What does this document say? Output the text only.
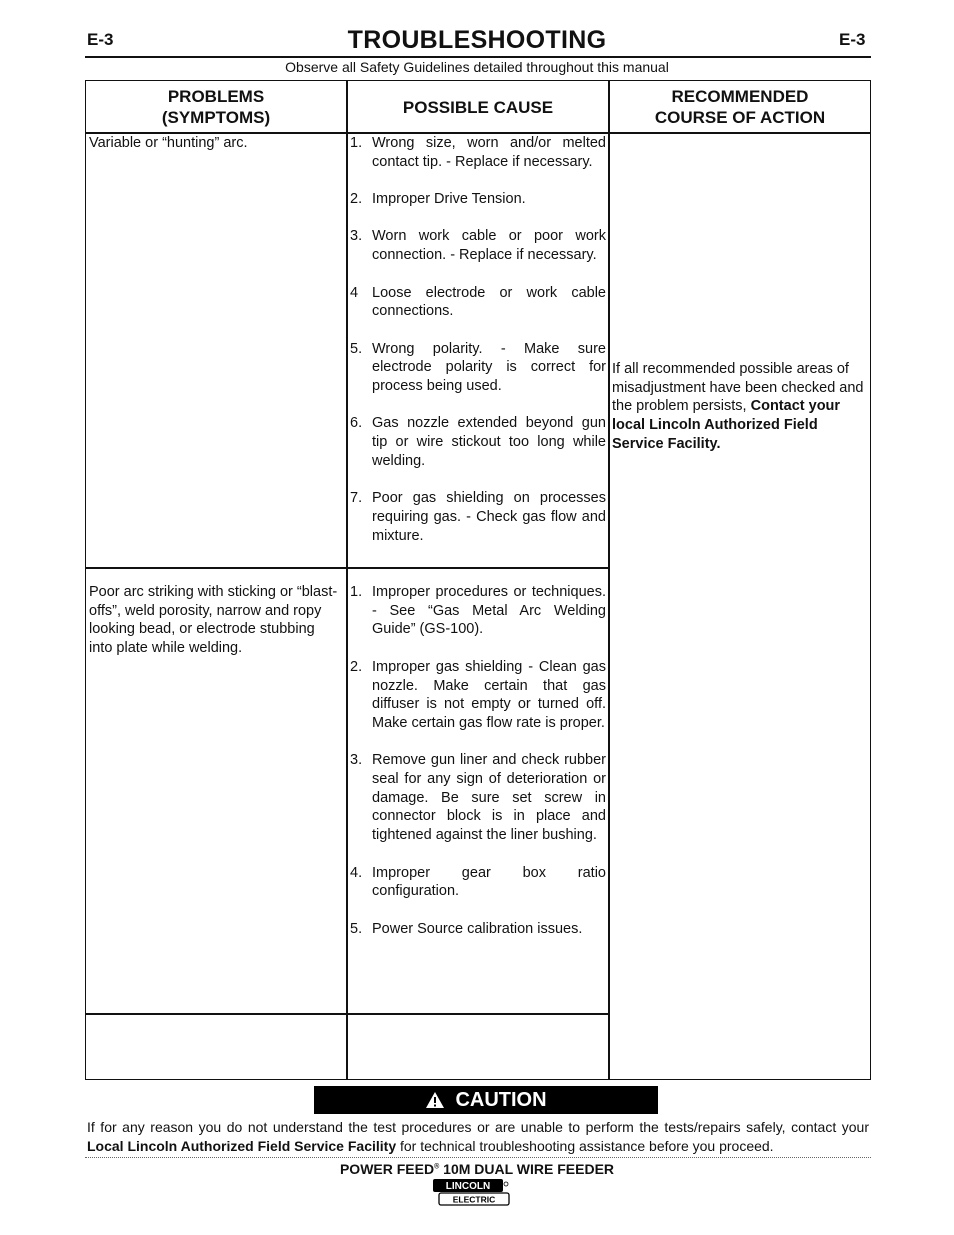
E-3	E-3
TROUBLESHOOTING
Observe all Safety Guidelines detailed throughout this manual
PROBLEMS
(SYMPTOMS)
POSSIBLE CAUSE
RECOMMENDED
COURSE OF ACTION
Variable or “hunting” arc.	1. Wrong size, worn and/or melted contact tip. - Replace if necessary.
2. Improper Drive Tension.
3. Worn work cable or poor work connection. - Replace if necessary.
4 Loose electrode or work cable connections.
5. Wrong polarity. - Make sure electrode polarity is correct for process being used.
6. Gas nozzle extended beyond gun tip or wire stickout too long while welding.
7. Poor gas shielding on processes requiring gas. - Check gas flow and mixture.
Poor arc striking with sticking or “blast-offs”, weld porosity, narrow and ropy looking bead, or electrode stubbing into plate while welding.
1. Improper procedures or techniques. - See “Gas Metal Arc Welding Guide” (GS-100).
2. Improper gas shielding - Clean gas nozzle. Make certain that gas diffuser is not empty or turned off. Make certain gas flow rate is proper.
3. Remove gun liner and check rubber seal for any sign of deterioration or damage. Be sure set screw in connector block is in place and tightened against the liner bushing.
4. Improper gear box ratio configuration.
5. Power Source calibration issues.
If all recommended possible areas of misadjustment have been checked and the problem persists, Contact your local Lincoln Authorized Field Service Facility.
CAUTION
If for any reason you do not understand the test procedures or are unable to perform the tests/repairs safely, contact your Local Lincoln Authorized Field Service Facility for technical troubleshooting assistance before you proceed.
POWER FEED® 10M DUAL WIRE FEEDER
LINCOLN
ELECTRIC
